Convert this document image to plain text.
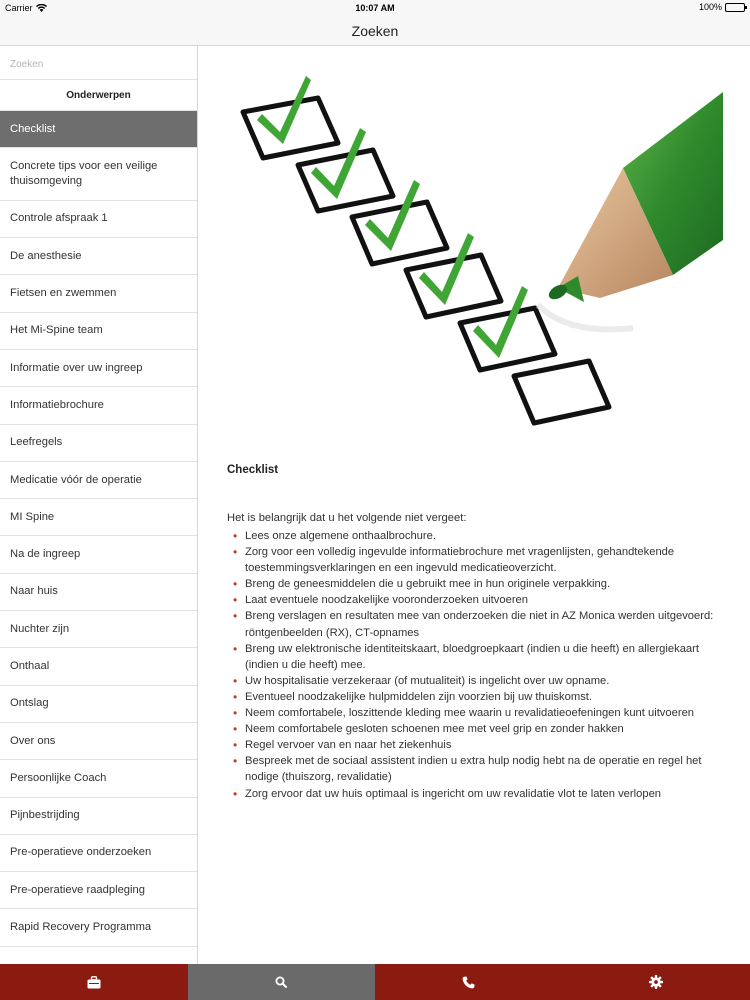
Carrier	10:07 AM	100%
Zoeken
Zoeken
Onderwerpen
Checklist
Concrete tips voor een veilige thuisomgeving
Controle afspraak 1
De anesthesie
Fietsen en zwemmen
Het Mi-Spine team
Informatie over uw ingreep
Informatiebrochure
Leefregels
Medicatie vóór de operatie
MI Spine
Na de ingreep
Naar huis
Nuchter zijn
Onthaal
Ontslag
Over ons
Persoonlijke Coach
Pijnbestrijding
Pre-operatieve onderzoeken
Pre-operatieve raadpleging
Rapid Recovery Programma
Checklist
Het is belangrijk dat u het volgende niet vergeet:
• Lees onze algemene onthaalbrochure.
• Zorg voor een volledig ingevulde informatiebrochure met vragenlijsten, gehandtekende toestemmingsverklaringen en een ingevuld medicatieoverzicht.
• Breng de geneesmiddelen die u gebruikt mee in hun originele verpakking.
• Laat eventuele noodzakelijke vooronderzoeken uitvoeren
• Breng verslagen en resultaten mee van onderzoeken die niet in AZ Monica werden uitgevoerd: röntgenbeelden (RX), CT-opnames
• Breng uw elektronische identiteitskaart, bloedgroepkaart (indien u die heeft) en allergiekaart (indien u die heeft) mee.
• Uw hospitalisatie verzekeraar (of mutualiteit) is ingelicht over uw opname.
• Eventueel noodzakelijke hulpmiddelen zijn voorzien bij uw thuiskomst.
• Neem comfortabele, loszittende kleding mee waarin u revalidatieoefeningen kunt uitvoeren
• Neem comfortabele gesloten schoenen mee met veel grip en zonder hakken
• Regel vervoer van en naar het ziekenhuis
• Bespreek met de sociaal assistent indien u extra hulp nodig hebt na de operatie en regel het nodige (thuiszorg, revalidatie)
• Zorg ervoor dat uw huis optimaal is ingericht om uw revalidatie vlot te laten verlopen
